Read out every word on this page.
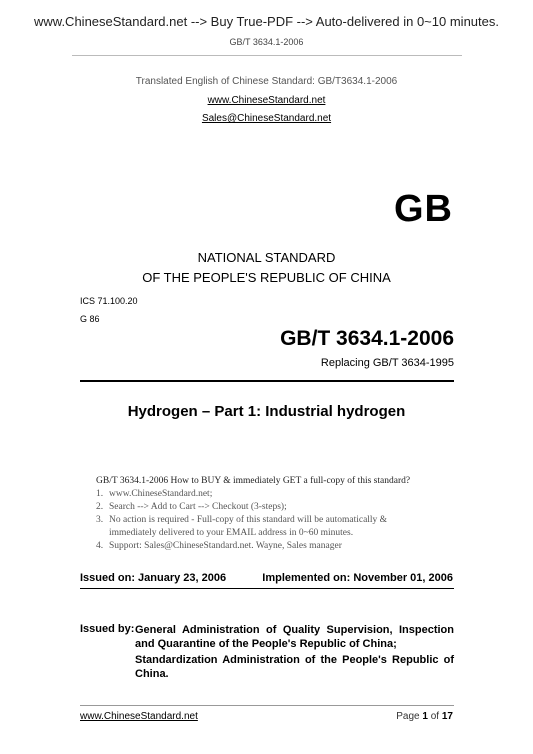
www.ChineseStandard.net --> Buy True-PDF --> Auto-delivered in 0~10 minutes.
GB/T 3634.1-2006
Translated English of Chinese Standard: GB/T3634.1-2006
www.ChineseStandard.net
Sales@ChineseStandard.net
GB
NATIONAL STANDARD
OF THE PEOPLE'S REPUBLIC OF CHINA
ICS 71.100.20
G 86
GB/T 3634.1-2006
Replacing GB/T 3634-1995
Hydrogen – Part 1: Industrial hydrogen
GB/T 3634.1-2006 How to BUY & immediately GET a full-copy of this standard?
1. www.ChineseStandard.net;
2. Search --> Add to Cart --> Checkout (3-steps);
3. No action is required - Full-copy of this standard will be automatically &
immediately delivered to your EMAIL address in 0~60 minutes.
4. Support: Sales@ChineseStandard.net. Wayne, Sales manager
Issued on: January 23, 2006	Implemented on: November 01, 2006
Issued by: General Administration of Quality Supervision, Inspection and Quarantine of the People's Republic of China;
Standardization Administration of the People's Republic of China.
www.ChineseStandard.net	Page 1 of 17
